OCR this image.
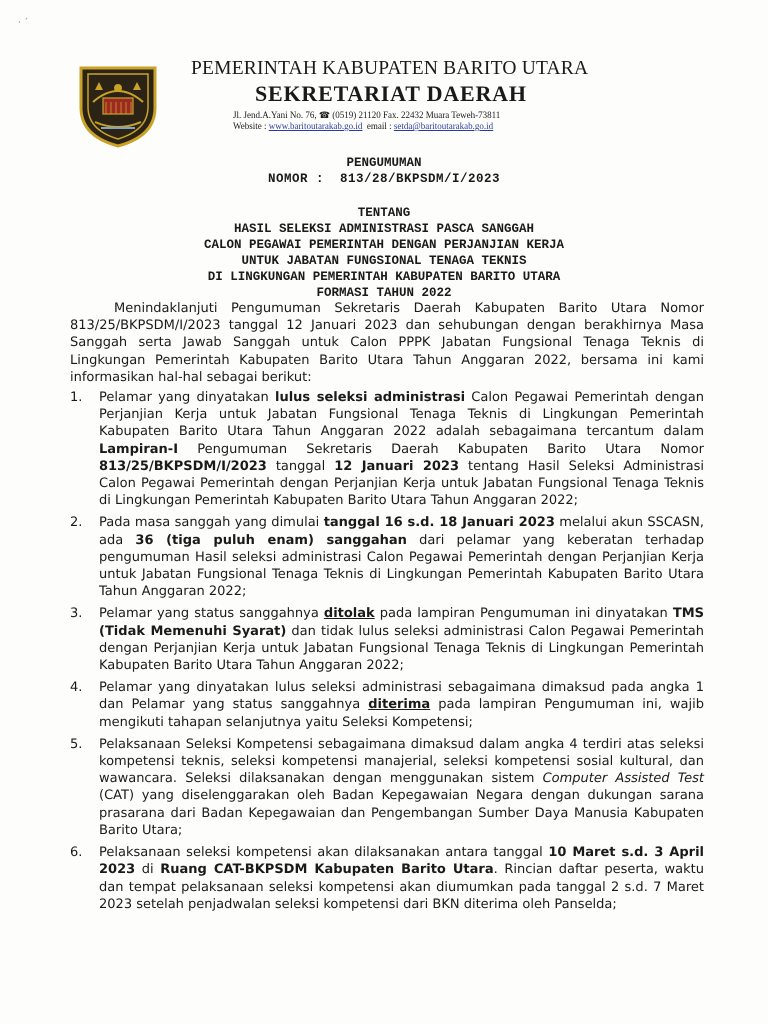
· ´
PEMERINTAH KABUPATEN BARITO UTARA
SEKRETARIAT DAERAH
Jl. Jend.A.Yani No. 76, ☎ (0519) 21120 Fax. 22432 Muara Teweh-73811
Website : www.baritoutarakab.go.id  email : setda@baritoutarakab.go.id
PENGUMUMAN
NOMOR :  813/28/BKPSDM/I/2023
TENTANG
HASIL SELEKSI ADMINISTRASI PASCA SANGGAH
CALON PEGAWAI PEMERINTAH DENGAN PERJANJIAN KERJA
UNTUK JABATAN FUNGSIONAL TENAGA TEKNIS
DI LINGKUNGAN PEMERINTAH KABUPATEN BARITO UTARA
FORMASI TAHUN 2022

Menindaklanjuti Pengumuman Sekretaris Daerah Kabupaten Barito Utara Nomor 813/25/BKPSDM/I/2023 tanggal 12 Januari 2023 dan sehubungan dengan berakhirnya Masa Sanggah serta Jawab Sanggah untuk Calon PPPK Jabatan Fungsional Tenaga Teknis di Lingkungan Pemerintah Kabupaten Barito Utara Tahun Anggaran 2022, bersama ini kami informasikan hal-hal sebagai berikut:

1. Pelamar yang dinyatakan lulus seleksi administrasi Calon Pegawai Pemerintah dengan Perjanjian Kerja untuk Jabatan Fungsional Tenaga Teknis di Lingkungan Pemerintah Kabupaten Barito Utara Tahun Anggaran 2022 adalah sebagaimana tercantum dalam Lampiran-I Pengumuman Sekretaris Daerah Kabupaten Barito Utara Nomor 813/25/BKPSDM/I/2023 tanggal 12 Januari 2023 tentang Hasil Seleksi Administrasi Calon Pegawai Pemerintah dengan Perjanjian Kerja untuk Jabatan Fungsional Tenaga Teknis di Lingkungan Pemerintah Kabupaten Barito Utara Tahun Anggaran 2022;
2. Pada masa sanggah yang dimulai tanggal 16 s.d. 18 Januari 2023 melalui akun SSCASN, ada 36 (tiga puluh enam) sanggahan dari pelamar yang keberatan terhadap pengumuman Hasil seleksi administrasi Calon Pegawai Pemerintah dengan Perjanjian Kerja untuk Jabatan Fungsional Tenaga Teknis di Lingkungan Pemerintah Kabupaten Barito Utara Tahun Anggaran 2022;
3. Pelamar yang status sanggahnya ditolak pada lampiran Pengumuman ini dinyatakan TMS (Tidak Memenuhi Syarat) dan tidak lulus seleksi administrasi Calon Pegawai Pemerintah dengan Perjanjian Kerja untuk Jabatan Fungsional Tenaga Teknis di Lingkungan Pemerintah Kabupaten Barito Utara Tahun Anggaran 2022;
4. Pelamar yang dinyatakan lulus seleksi administrasi sebagaimana dimaksud pada angka 1 dan Pelamar yang status sanggahnya diterima pada lampiran Pengumuman ini, wajib mengikuti tahapan selanjutnya yaitu Seleksi Kompetensi;
5. Pelaksanaan Seleksi Kompetensi sebagaimana dimaksud dalam angka 4 terdiri atas seleksi kompetensi teknis, seleksi kompetensi manajerial, seleksi kompetensi sosial kultural, dan wawancara. Seleksi dilaksanakan dengan menggunakan sistem Computer Assisted Test (CAT) yang diselenggarakan oleh Badan Kepegawaian Negara dengan dukungan sarana prasarana dari Badan Kepegawaian dan Pengembangan Sumber Daya Manusia Kabupaten Barito Utara;
6. Pelaksanaan seleksi kompetensi akan dilaksanakan antara tanggal 10 Maret s.d. 3 April 2023 di Ruang CAT-BKPSDM Kabupaten Barito Utara. Rincian daftar peserta, waktu dan tempat pelaksanaan seleksi kompetensi akan diumumkan pada tanggal 2 s.d. 7 Maret 2023 setelah penjadwalan seleksi kompetensi dari BKN diterima oleh Panselda;
